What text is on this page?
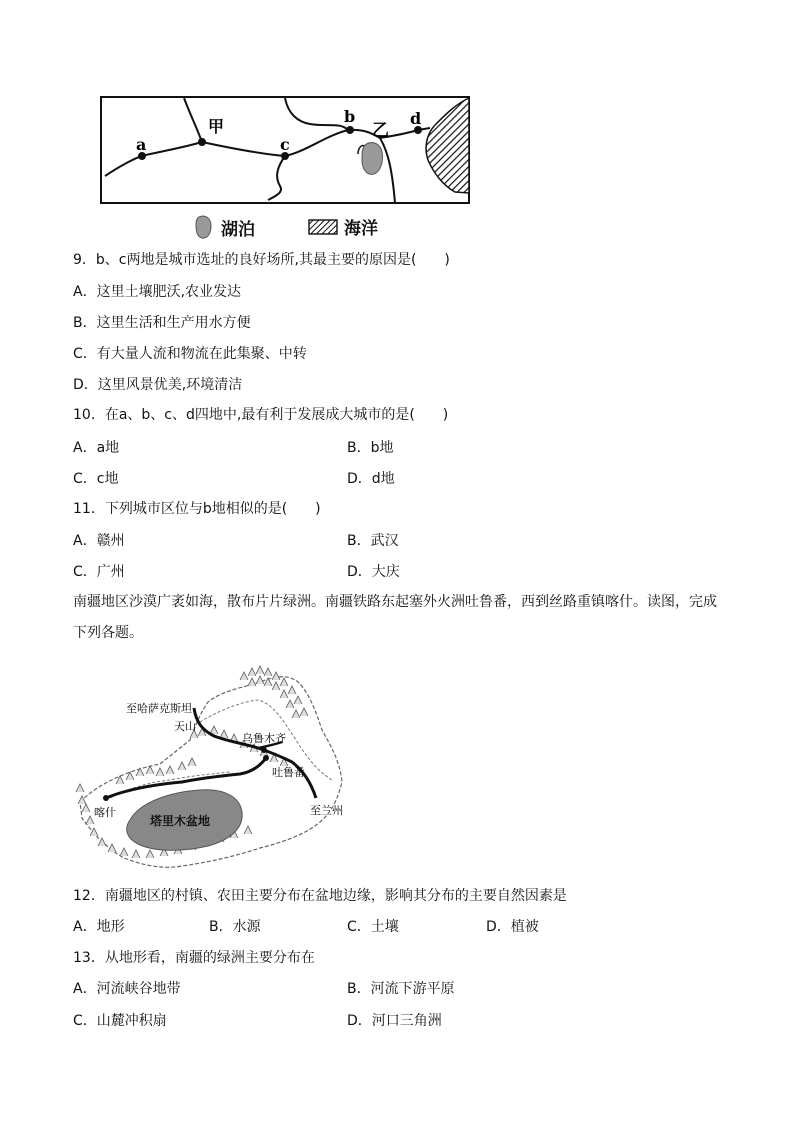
a
甲
c
b
乙
d
湖泊	海洋
9．b、c两地是城市选址的良好场所,其最主要的原因是(　　)
A．这里土壤肥沃,农业发达
B．这里生活和生产用水方便
C．有大量人流和物流在此集聚、中转
D．这里风景优美,环境清洁
10．在a、b、c、d四地中,最有利于发展成大城市的是(　　)
A．a地	B．b地
C．c地	D．d地
11．下列城市区位与b地相似的是(　　)
A．赣州	B．武汉
C．广州	D．大庆
南疆地区沙漠广袤如海，散布片片绿洲。南疆铁路东起塞外火洲吐鲁番，西到丝路重镇喀什。读图，完成下列各题。
至哈萨克斯坦
天山
乌鲁木齐
吐鲁番
喀什	至兰州
塔里木盆地
12．南疆地区的村镇、农田主要分布在盆地边缘，影响其分布的主要自然因素是
A．地形	B．水源	C．土壤	D．植被
13．从地形看，南疆的绿洲主要分布在
A．河流峡谷地带	B．河流下游平原
C．山麓冲积扇	D．河口三角洲
